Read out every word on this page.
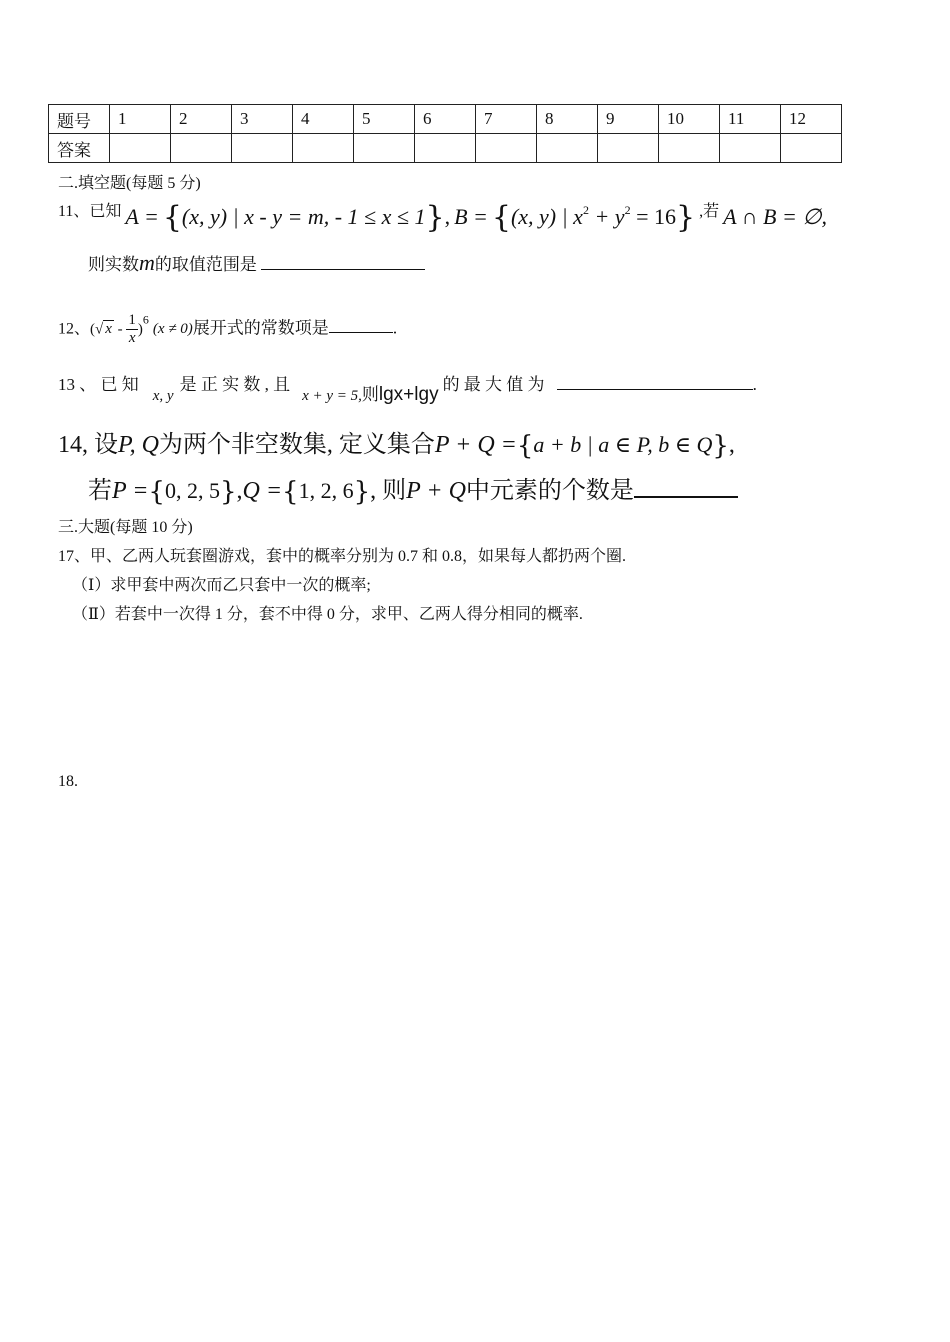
题号	1	2	3	4	5	6	7	8	9	10	11	12
答案												
二.填空题(每题 5 分)
11、已知 A = {(x, y) | x - y = m, - 1 ≤ x ≤ 1}, B = {(x, y) | $x^2 + y^2 = 16$} ,若 A ∩ B = ∅,
则实数m的取值范围是
12、(√ $x - \frac{1}{x} )^6(x \ne 0)$展开式的常数项是	.
13 、 已 知 x, y 是 正 实 数 , 且 x + y = 5,则lgx+lgy 的 最 大 值 为	.
14, 设P, Q为两个非空数集, 定义集合P + Q ={a + b | a ∈ P, b ∈ Q},
若P ={0, 2, 5},Q ={1, 2, 6}, 则P + Q中元素的个数是
三.大题(每题 10 分)
17、甲、乙两人玩套圈游戏，套中的概率分别为 0.7 和 0.8，如果每人都扔两个圈.
（Ⅰ）求甲套中两次而乙只套中一次的概率;
（Ⅱ）若套中一次得 1 分，套不中得 0 分，求甲、乙两人得分相同的概率.
18.
